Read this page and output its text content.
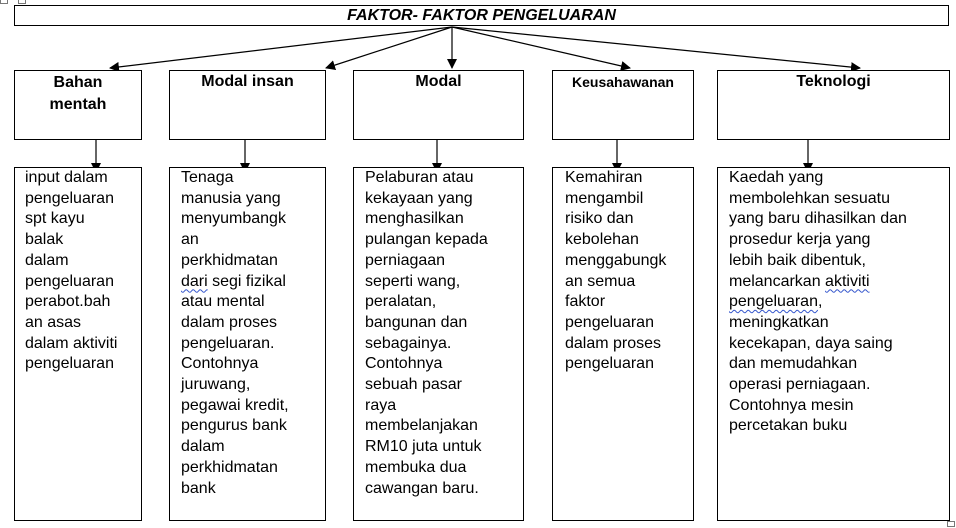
FAKTOR- FAKTOR PENGELUARAN
Bahan
mentah
Modal insan	Modal	Keusahawanan	Teknologi
input dalam
pengeluaran
spt kayu
balak
dalam
pengeluaran
perabot.bah
an asas
dalam aktiviti
pengeluaran
Tenaga
manusia yang
menyumbangk
an
perkhidmatan
dari segi fizikal
atau mental
dalam proses
pengeluaran.
Contohnya
juruwang,
pegawai kredit,
pengurus bank
dalam
perkhidmatan
bank
Pelaburan atau
kekayaan yang
menghasilkan
pulangan kepada
perniagaan
seperti wang,
peralatan,
bangunan dan
sebagainya.
Contohnya
sebuah pasar
raya
membelanjakan
RM10 juta untuk
membuka dua
cawangan baru.
Kemahiran
mengambil
risiko dan
kebolehan
menggabungk
an semua
faktor
pengeluaran
dalam proses
pengeluaran
Kaedah yang
membolehkan sesuatu
yang baru dihasilkan dan
prosedur kerja yang
lebih baik dibentuk,
melancarkan aktiviti
pengeluaran,
meningkatkan
kecekapan, daya saing
dan memudahkan
operasi perniagaan.
Contohnya mesin
percetakan buku
